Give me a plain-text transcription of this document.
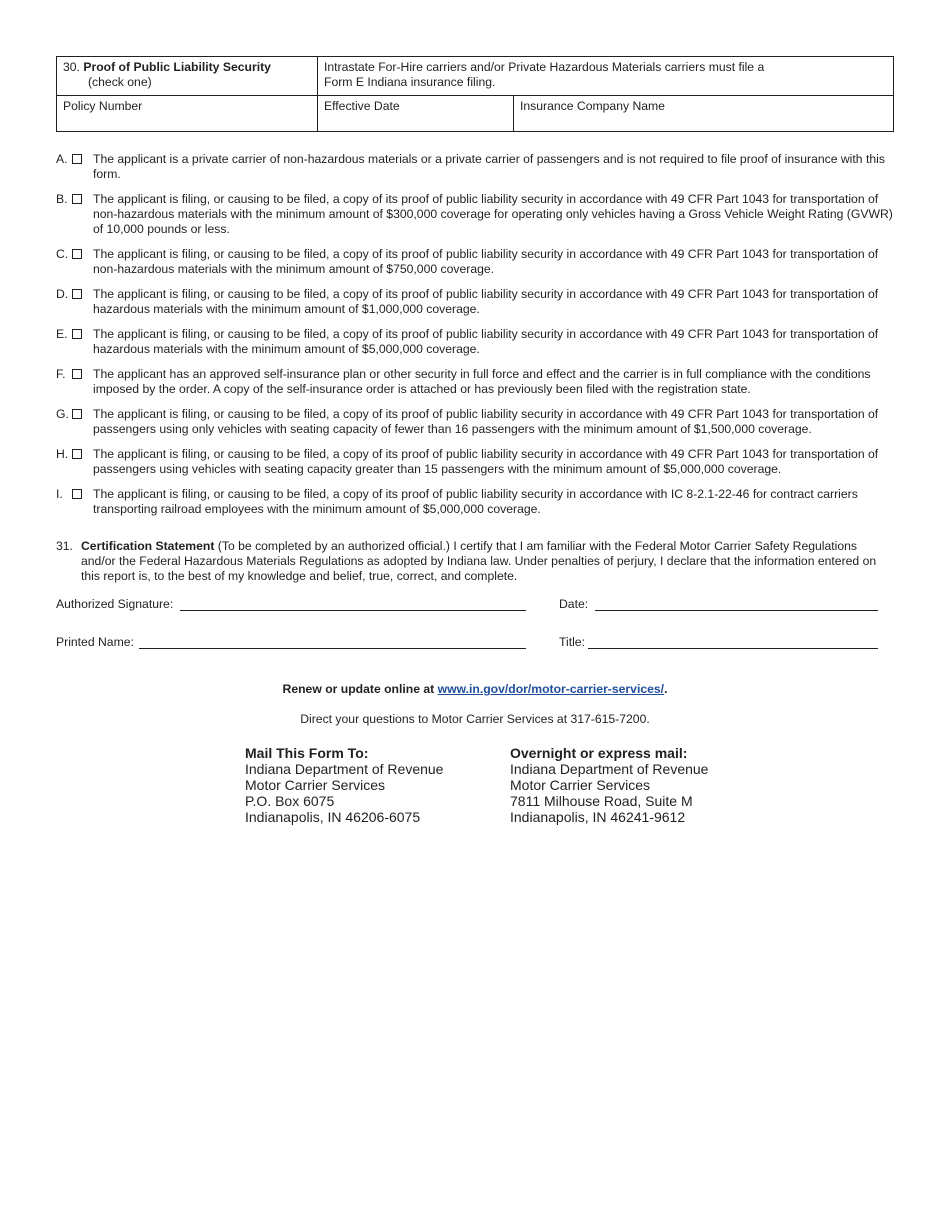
30. Proof of Public Liability Security
(check one)
Intrastate For-Hire carriers and/or Private Hazardous Materials carriers must file a
Form E Indiana insurance filing.
Policy Number	Effective Date	Insurance Company Name
A.	The applicant is a private carrier of non-hazardous materials or a private carrier of passengers and is not required to file proof of insurance with this form.
B.	The applicant is filing, or causing to be filed, a copy of its proof of public liability security in accordance with 49 CFR Part 1043 for transportation of non-hazardous materials with the minimum amount of $300,000 coverage for operating only vehicles having a Gross Vehicle Weight Rating (GVWR) of 10,000 pounds or less.
C.	The applicant is filing, or causing to be filed, a copy of its proof of public liability security in accordance with 49 CFR Part 1043 for transportation of non-hazardous materials with the minimum amount of $750,000 coverage.
D.	The applicant is filing, or causing to be filed, a copy of its proof of public liability security in accordance with 49 CFR Part 1043 for transportation of hazardous materials with the minimum amount of $1,000,000 coverage.
E.	The applicant is filing, or causing to be filed, a copy of its proof of public liability security in accordance with 49 CFR Part 1043 for transportation of hazardous materials with the minimum amount of $5,000,000 coverage.
F.	The applicant has an approved self-insurance plan or other security in full force and effect and the carrier is in full compliance with the conditions imposed by the order. A copy of the self-insurance order is attached or has previously been filed with the registration state.
G. The applicant is filing, or causing to be filed, a copy of its proof of public liability security in accordance with 49 CFR Part 1043 for transportation of passengers using only vehicles with seating capacity of fewer than 16 passengers with the minimum amount of $1,500,000 coverage.
H.	The applicant is filing, or causing to be filed, a copy of its proof of public liability security in accordance with 49 CFR Part 1043 for transportation of passengers using vehicles with seating capacity greater than 15 passengers with the minimum amount of $5,000,000 coverage.
I.	The applicant is filing, or causing to be filed, a copy of its proof of public liability security in accordance with IC 8-2.1-22-46 for contract carriers transporting railroad employees with the minimum amount of $5,000,000 coverage.
31. Certification Statement (To be completed by an authorized official.) I certify that I am familiar with the Federal Motor Carrier Safety Regulations and/or the Federal Hazardous Materials Regulations as adopted by Indiana law. Under penalties of perjury, I declare that the information entered on this report is, to the best of my knowledge and belief, true, correct, and complete.
Authorized Signature:	Date:
Printed Name:	Title:
Renew or update online at www.in.gov/dor/motor-carrier-services/.
Direct your questions to Motor Carrier Services at 317-615-7200.
Mail This Form To:
Indiana Department of Revenue
Motor Carrier Services
P.O. Box 6075
Indianapolis, IN 46206-6075
Overnight or express mail:
Indiana Department of Revenue
Motor Carrier Services
7811 Milhouse Road, Suite M
Indianapolis, IN 46241-9612
